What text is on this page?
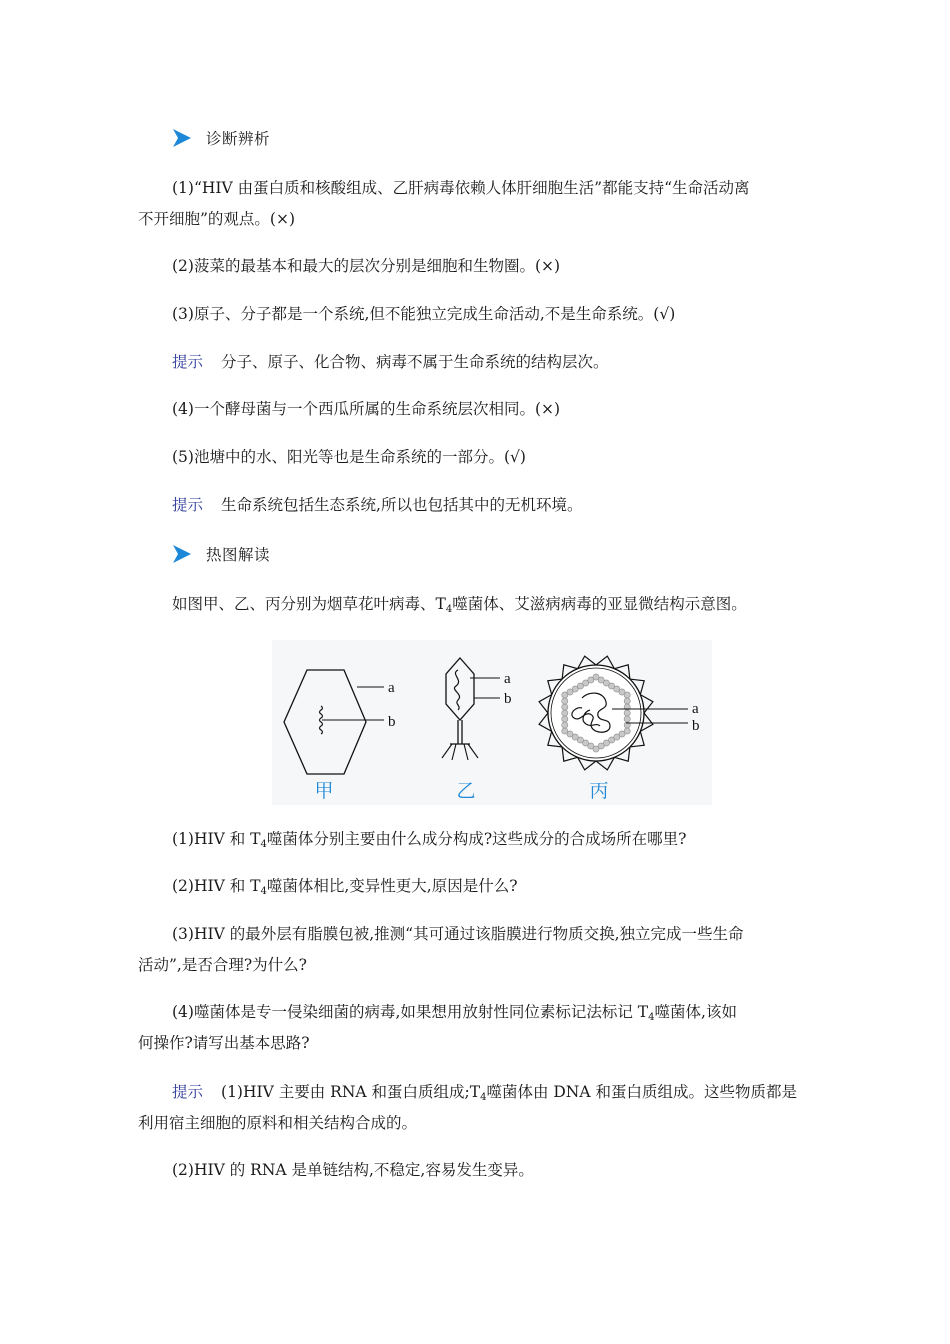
诊断辨析
(1)“HIV 由蛋白质和核酸组成、乙肝病毒依赖人体肝细胞生活”都能支持“生命活动离
不开细胞”的观点。(×)
(2)菠菜的最基本和最大的层次分别是细胞和生物圈。(×)
(3)原子、分子都是一个系统,但不能独立完成生命活动,不是生命系统。(√)
提示 分子、原子、化合物、病毒不属于生命系统的结构层次。
(4)一个酵母菌与一个西瓜所属的生命系统层次相同。(×)
(5)池塘中的水、阳光等也是生命系统的一部分。(√)
提示 生命系统包括生态系统,所以也包括其中的无机环境。
热图解读
如图甲、乙、丙分别为烟草花叶病毒、$T_4$噬菌体、艾滋病病毒的亚显微结构示意图。
a
b
甲
a
b
乙
a
b
丙
(1)HIV 和 $T_4$噬菌体分别主要由什么成分构成?这些成分的合成场所在哪里?
(2)HIV 和 $T_4$噬菌体相比,变异性更大,原因是什么?
(3)HIV 的最外层有脂膜包被,推测“其可通过该脂膜进行物质交换,独立完成一些生命
活动”,是否合理?为什么?
(4)噬菌体是专一侵染细菌的病毒,如果想用放射性同位素标记法标记 $T_4$噬菌体,该如
何操作?请写出基本思路?
提示 (1)HIV 主要由 RNA 和蛋白质组成$;T_4$噬菌体由 DNA 和蛋白质组成。这些物质都是
利用宿主细胞的原料和相关结构合成的。
(2)HIV 的 RNA 是单链结构,不稳定,容易发生变异。
